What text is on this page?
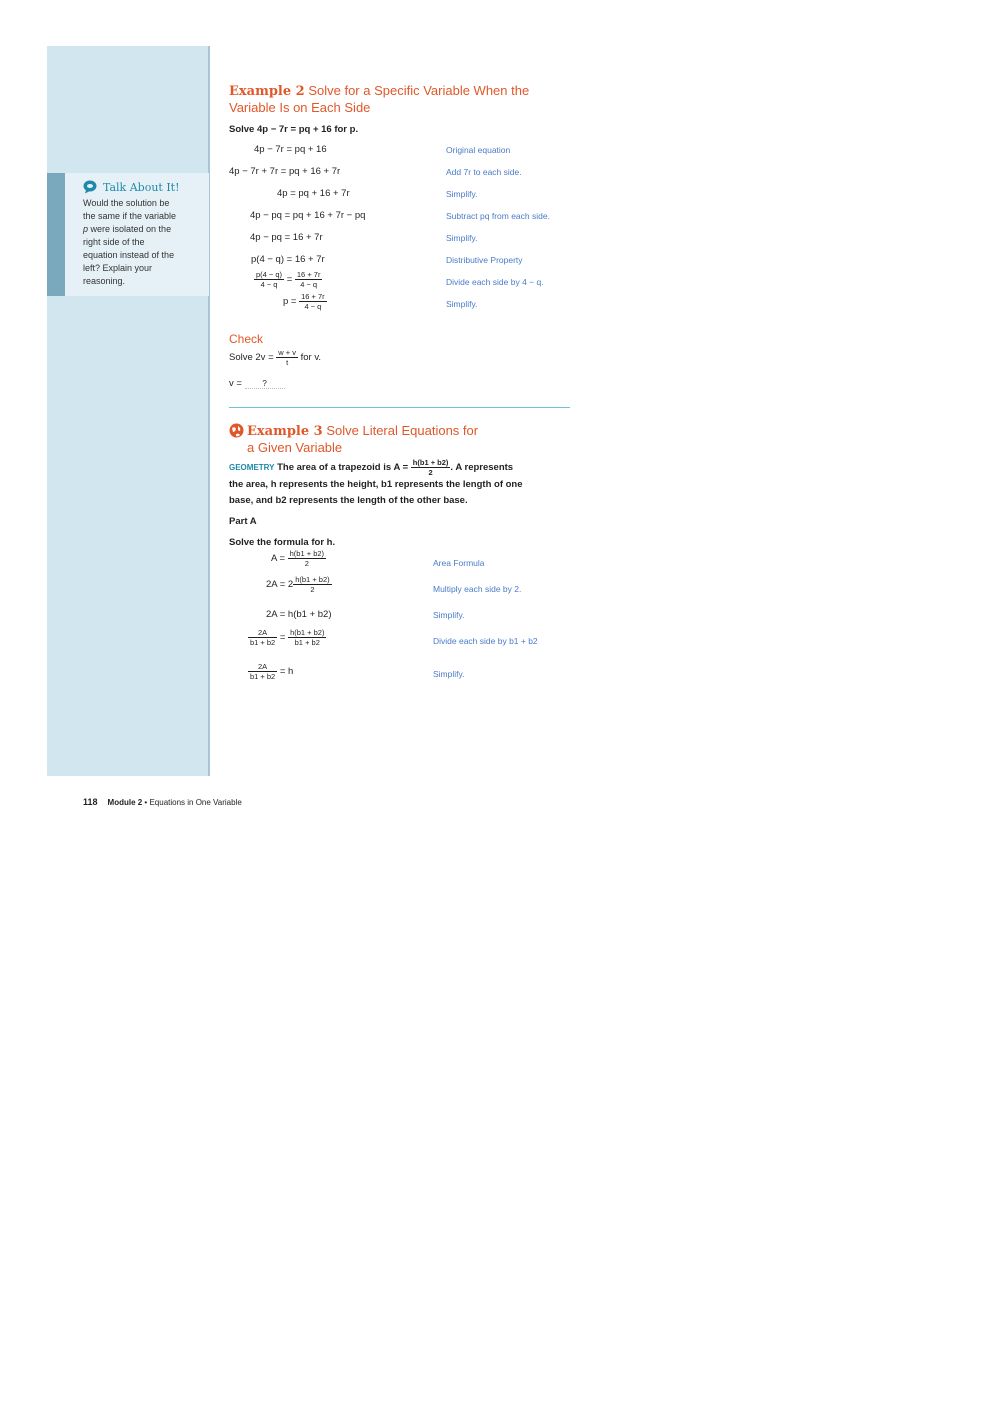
Talk About It!
Would the solution be
the same if the variable
p were isolated on the
right side of the
equation instead of the
left? Explain your
reasoning.
Example 2 Solve for a Specific Variable When the
Variable Is on Each Side
Solve 4p − 7r = pq + 16 for p.
4p − 7r = pq + 16	Original equation
4p − 7r + 7r = pq + 16 + 7r	Add 7r to each side.
4p = pq + 16 + 7r	Simplify.
4p − pq = pq + 16 + 7r − pq	Subtract pq from each side.
4p − pq = 16 + 7r	Simplify.
p(4 − q) = 16 + 7r	Distributive Property
$\frac{p(4 - q)}{4 - q} = \frac{16 + 7r}{4 - q}$	Divide each side by 4 − q.
$p = \frac{16 + 7r}{4 - q}$	Simplify.
Check
Solve $2v = \frac{w + v}{t}$ for v.
v =	?
Example 3 Solve Literal Equations for
a Given Variable
GEOMETRY The area of a trapezoid is $A = \frac{h(b1 + b2)}{2}$ . A represents
the area, h represents the height, b1 represents the length of one
base, and b2 represents the length of the other base.
Part A
Solve the formula for h.
$A = \frac{h(b1 + b2)}{2}$	Area Formula
$2A = 2 \frac{h(b1 + b2)}{2}$	Multiply each side by 2.
2A = h(b1 + b2)	Simplify.
$\frac{2A}{b1 + b2} = \frac{h(b1 + b2)}{b1 + b2}$	Divide each side by b1 + b2
$\frac{2A}{b1 + b2} = h$	Simplify.
118 Module 2 • Equations in One Variable
